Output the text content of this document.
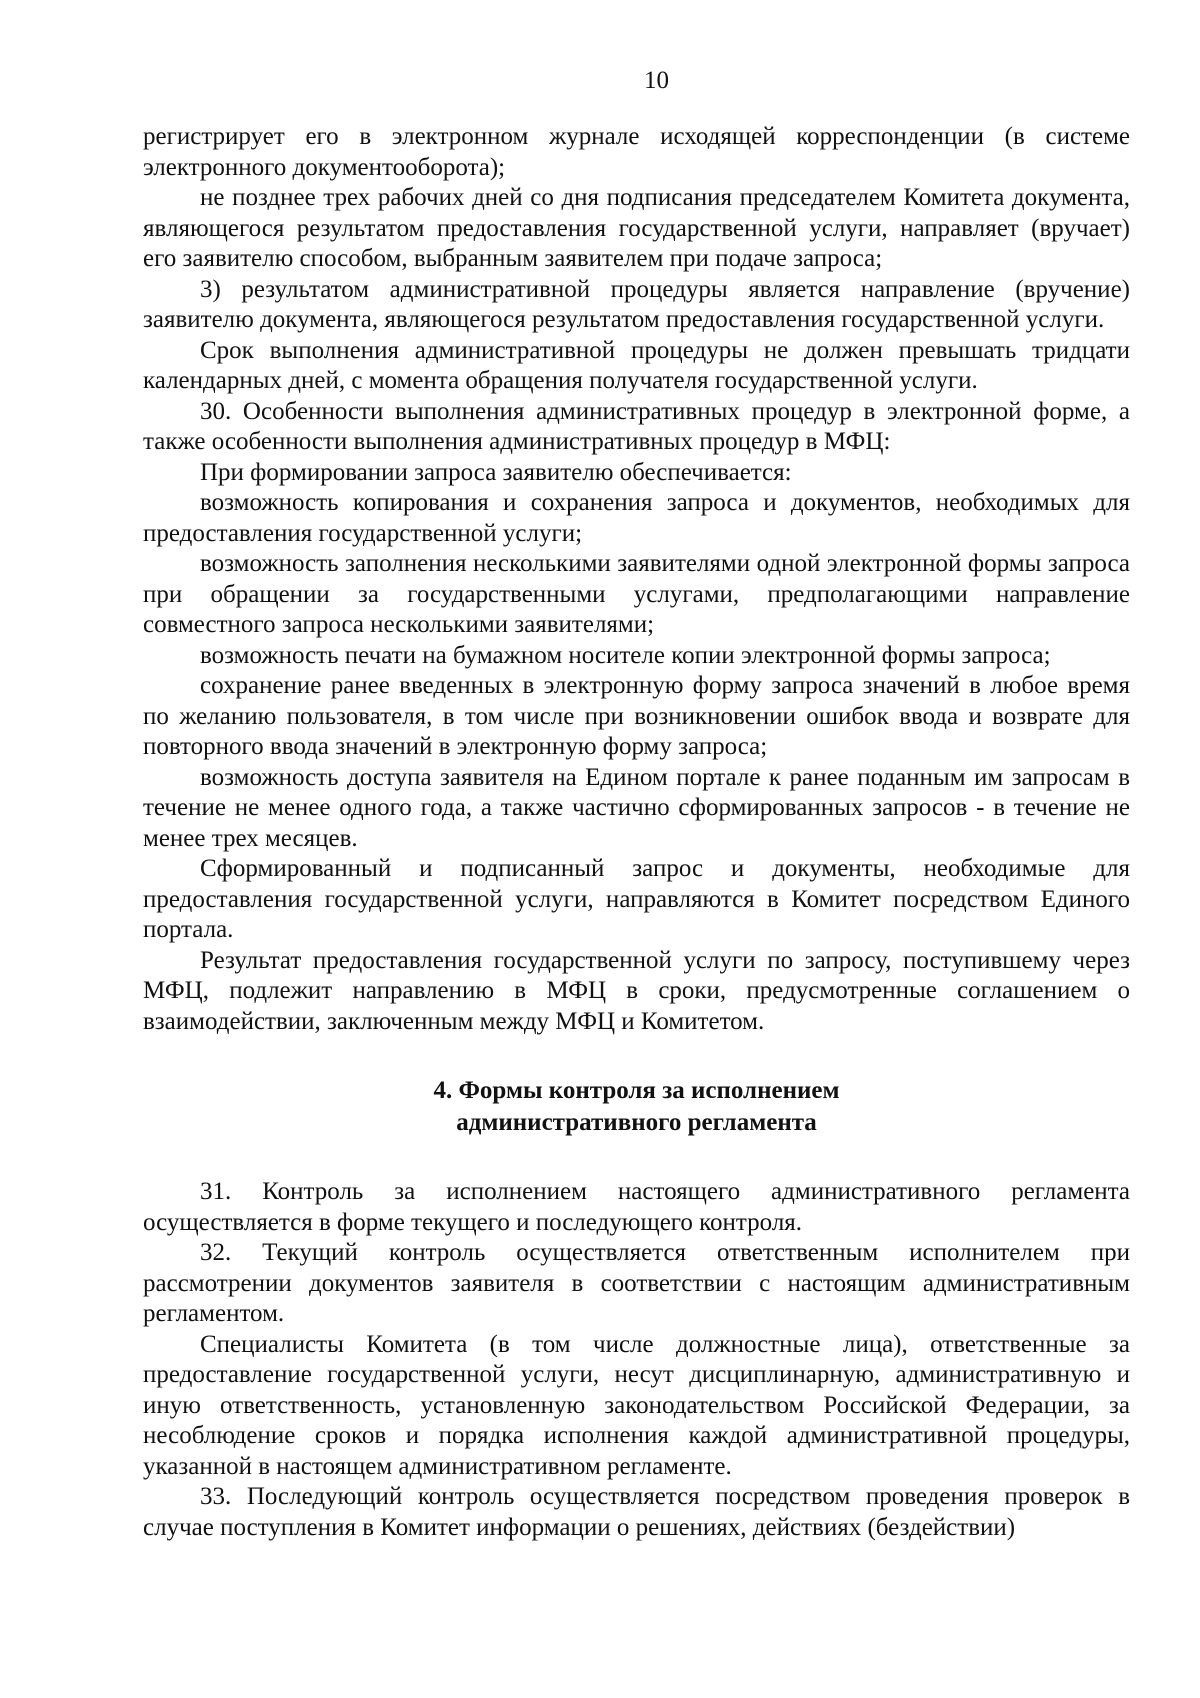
10

регистрирует его в электронном журнале исходящей корреспонденции (в системе электронного документооборота);

не позднее трех рабочих дней со дня подписания председателем Комитета документа, являющегося результатом предоставления государственной услуги, направляет (вручает) его заявителю способом, выбранным заявителем при подаче запроса;

3) результатом административной процедуры является направление (вручение) заявителю документа, являющегося результатом предоставления государственной услуги.

Срок выполнения административной процедуры не должен превышать тридцати календарных дней, с момента обращения получателя государственной услуги.

30. Особенности выполнения административных процедур в электронной форме, а также особенности выполнения административных процедур в МФЦ:

При формировании запроса заявителю обеспечивается:

возможность копирования и сохранения запроса и документов, необходимых для предоставления государственной услуги;

возможность заполнения несколькими заявителями одной электронной формы запроса при обращении за государственными услугами, предполагающими направление совместного запроса несколькими заявителями;

возможность печати на бумажном носителе копии электронной формы запроса;

сохранение ранее введенных в электронную форму запроса значений в любое время по желанию пользователя, в том числе при возникновении ошибок ввода и возврате для повторного ввода значений в электронную форму запроса;

возможность доступа заявителя на Едином портале к ранее поданным им запросам в течение не менее одного года, а также частично сформированных запросов - в течение не менее трех месяцев.

Сформированный и подписанный запрос и документы, необходимые для предоставления государственной услуги, направляются в Комитет посредством Единого портала.

Результат предоставления государственной услуги по запросу, поступившему через МФЦ, подлежит направлению в МФЦ в сроки, предусмотренные соглашением о взаимодействии, заключенным между МФЦ и Комитетом.

4. Формы контроля за исполнением
административного регламента

31. Контроль за исполнением настоящего административного регламента осуществляется в форме текущего и последующего контроля.

32. Текущий контроль осуществляется ответственным исполнителем при рассмотрении документов заявителя в соответствии с настоящим административным регламентом.

Специалисты Комитета (в том числе должностные лица), ответственные за предоставление государственной услуги, несут дисциплинарную, административную и иную ответственность, установленную законодательством Российской Федерации, за несоблюдение сроков и порядка исполнения каждой административной процедуры, указанной в настоящем административном регламенте.

33. Последующий контроль осуществляется посредством проведения проверок в случае поступления в Комитет информации о решениях, действиях (бездействии)
